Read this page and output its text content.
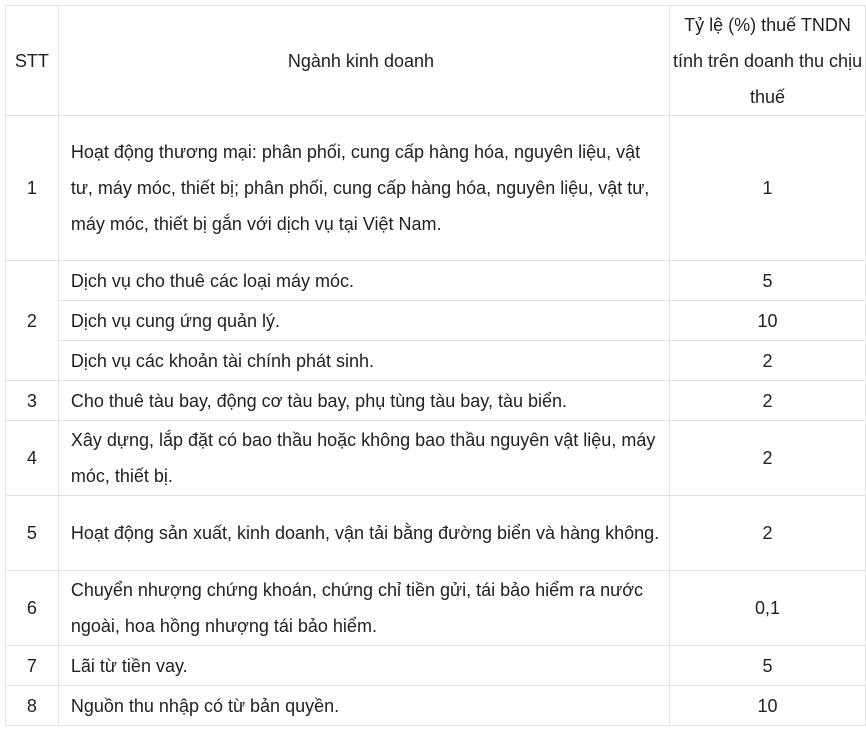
STT	Ngành kinh doanh	Tỷ lệ (%) thuế TNDN tính trên doanh thu chịu thuế
1	Hoạt động thương mại: phân phối, cung cấp hàng hóa, nguyên liệu, vật tư, máy móc, thiết bị; phân phối, cung cấp hàng hóa, nguyên liệu, vật tư, máy móc, thiết bị gắn với dịch vụ tại Việt Nam.	1
2	Dịch vụ cho thuê các loại máy móc.	5
	Dịch vụ cung ứng quản lý.	10
	Dịch vụ các khoản tài chính phát sinh.	2
3	Cho thuê tàu bay, động cơ tàu bay, phụ tùng tàu bay, tàu biển.	2
4	Xây dựng, lắp đặt có bao thầu hoặc không bao thầu nguyên vật liệu, máy móc, thiết bị.	2
5	Hoạt động sản xuất, kinh doanh, vận tải bằng đường biển và hàng không.	2
6	Chuyển nhượng chứng khoán, chứng chỉ tiền gửi, tái bảo hiểm ra nước ngoài, hoa hồng nhượng tái bảo hiểm.	0,1
7	Lãi từ tiền vay.	5
8	Nguồn thu nhập có từ bản quyền.	10
